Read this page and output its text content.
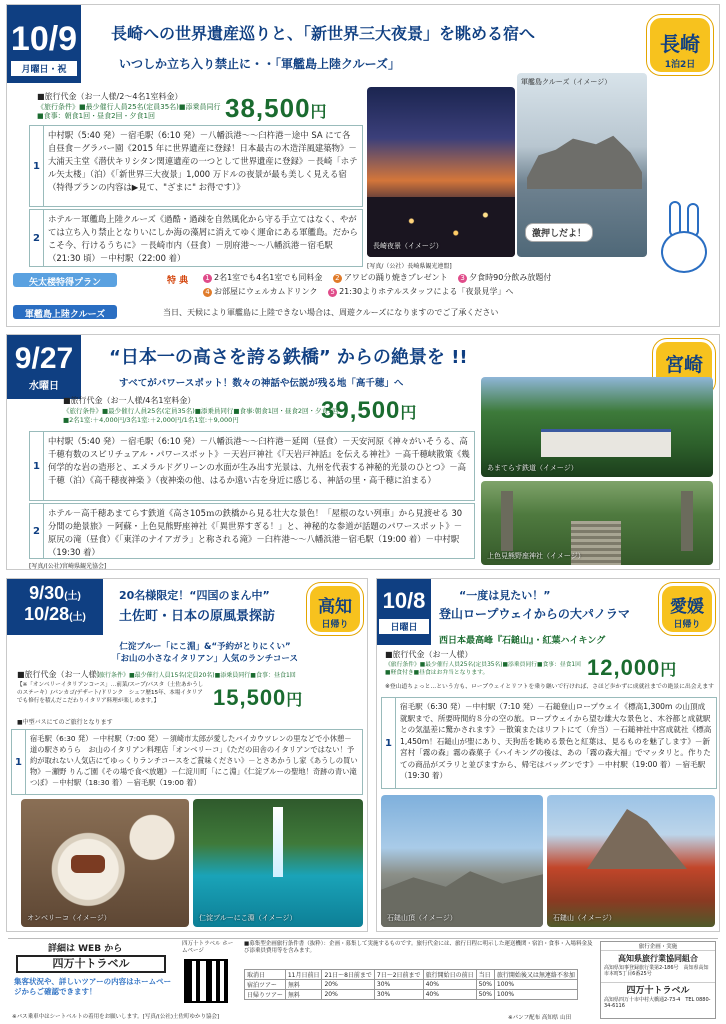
10/9
月曜日・祝
長崎への世界遺産巡りと、「新世界三大夜景」を眺める宿へ
いつしか立ち入り禁止に・・「軍艦島上陸クルーズ」
長崎
1泊2日
■旅行代金（お一人様/2～4名1室料金）
《旅行条件》■最少催行人員25名(定員35名)■添乗員同行
■食事：朝食1回・昼食2回・夕食1回	38,500円
1
中村駅（5:40 発）－宿毛駅（6:10 発）－八幡浜港～～臼杵港－途中 SA にて各自昼食－グラバー園《2015 年に世界遺産に登録！日本最古の木造洋風建築物》－大浦天主堂《潜伏キリシタン関連遺産の一つとして世界遺産に登録》－長崎「ホテル矢太楼」（泊）《「新世界三大夜景」1,000 万ドルの夜景が最も美しく見える宿（特得プランの内容は▶見て、"ざまに" お得です）》
2
ホテル－軍艦島上陸クルーズ《過酷・過疎を自然風化から守る手立てはなく、やがては立ち入り禁止となりいにしか海の藻屑に消えてゆく運命にある軍艦島。だからこそ今、行けるうちに》－長崎市内（昼食）－別府港～～八幡浜港－宿毛駅（21:30 頃）－中村駅（22:00 着）
長崎夜景（イメージ）
[写真/（公社）長崎県観光連盟]
軍艦島クルーズ（イメージ）
激押しだよ！
矢太楼特得プラン	特 典	1 2名1室でも4名1室でも同料金 2 アワビの踊り焼きプレゼント 3 夕食時90分飲み放題付
4 お部屋にウェルカムドリンク 5 21:30よりホテルスタッフによる「夜景見学」へ
軍艦島上陸クルーズ	当日、天候により軍艦島に上陸できない場合は、周遊クルーズになりますのでご了承ください
9/27
水曜日
“日本一の高さを誇る鉄橋” からの絶景を !!
すべてがパワースポット！数々の神話や伝説が残る地「高千穂」へ
宮崎
■旅行代金（お一人様/4名1室料金）
《旅行条件》■最少催行人員25名(定員35名)■添乗員同行■食事:朝食1回・昼食2回・夕食1回
■2名1室:＋4,000円/3名1室:＋2,000円/1名1室:＋9,000円	39,500円
1
中村駅（5:40 発）－宿毛駅（6:10 発）－八幡浜港～～臼杵港－延岡（昼食）－天安河原《神々がいそうる、高千穂有数のスピリチュアル・パワースポット》－天岩戸神社《『天岩戸神話』を伝える神社》－高千穂峡散策《幾何学的な岩の造形と、エメラルドグリーンの水面が生み出す光景は、九州を代表する神秘的光景のひとつ》－高千穂（泊）《高千穂夜神楽 》（夜神楽の他、はるか遠い古を身近に感じる、神話の里・高千穂に泊まる）
2
ホテル－高千穂あまてらす鉄道《高さ105ｍの鉄橋から見る壮大な景色！「屋根のない列車」から見渡せる 30 分間の絶景旅》－阿蘇・上色見熊野座神社《「異世界すぎる！」と、神秘的な参道が話題のパワースポット》－原尻の滝（昼食）《「東洋のナイアガラ」と称される滝》－臼杵港～～八幡浜港－宿毛駅（19:00 着）－中村駅（19:30 着）
[写真/(公社)宮崎県観光協会]
あまてらす鉄道（イメージ）
上色見熊野座神社（イメージ）
9/30(土)
10/28(土)
20名様限定！“四国のまん中”
土佐町・日本の原風景探訪	高知
日帰り
仁淀ブルー「にこ淵」&“予約がとりにくい”
「お山の小さなイタリアン」人気のランチコース
■旅行代金（お一人様）
《旅行条件》■最少催行人員15名(定員20名)■添乗員同行■食事：昼食1回
【※「オンベリーイタリアンコース」…前菜/スープ/パスタ（土佐あかうしのステーキ）/パンカゴ/デザート/ドリンク　シェフ歴15年、本場イタリアでも修行を積んだこだわりイタリア料理が楽しめます。】
■中型バスにてのご旅行となります
15,500円
1
宿毛駅（6:30 発）－中村駅（7:00 発）－須崎市太郎が愛したバイカウツレンの里などで小休憩－道の駅さめうら　お山のイタリアン料理店「オンベリーコ」《ただの田舎のイタリアンではない！予約が取れない人気店にてゆっくりランチコースをご賞味ください》－とさあかうし家《あうしの買い物》－瀬野 りんご園《その場で食べ放題》－仁淀川町「にこ淵」《仁淀ブルーの聖地！奇跡の青い滝つぼ》－中村駅（18:30 着）－宿毛駅（19:00 着）
オンベリーコ（イメージ）	仁淀ブルーにこ淵（イメージ）
10/8
日曜日
“一度は見たい！”
登山ロープウェイからの大パノラマ	愛媛
日帰り
西日本最高峰『石鎚山』・紅葉ハイキング
■旅行代金（お一人様）
《旅行条件》■最少催行人員25名(定員35名)■添乗員同行■食事：昼食1回
■軽食付き■昼食はお弁当となります。	12,000円
※登山道ちょっと…という方も、ロープウェイとリフトを乗り継いで行ければ、さほど歩かずに成就社までの絶景に出会えます
1
宿毛駅（6:30 発）－中村駅（7:10 発）－石鎚登山ロープウェイ《標高1,300m の山頂成就駅まで、所要時間約８分の空の旅。ロープウェイから望む雄大な景色と、木谷都と成就駅との気温差に驚かされます》－散策またはリフトにて（弁当）－石鎚神社中宮成就社《標高1,450m！石鎚山が聖にあり、天狗岳を眺める景色と紅葉は、見るものを魅了します》－新宮村「霧の森」霧の森菓子《ハイキングの後は、あの「霧の森大福」でマッタリと。作りたての商品がズラリと並びますから、帰宅はバッグンです》－中村駅（19:00 着）－宿毛駅（19:30 着）
石鎚山頂（イメージ）	石鎚山（イメージ）
詳細は WEB から
四万十トラベル
集客状況や、詳しいツアーの内容はホームページからご確認できます！
※バス乗車中はシートベルトの着用をお願いします。[写真/(公社)土佐町ゆかり協会]
四万十トラベル ホームページ
■募集型企画旅行条件書（抜粋）：企画・募集して実施するものです。旅行代金には、旅行日程に明示した運送機関・宿泊・食事・入場料金及び添乗員費用等を含みます。
取消日	11月日前日	21日～8日前まで	7日～2日前まで	旅行開始日の前日	当日	旅行開始後又は無連絡不参加
宿泊ツアー	無料	20%	30%	40%	50%	100%
日帰りツアー	無料	20%	30%	40%	50%	100%
※パンフ配布 高知県 山田
旅行企画・実施
高知県旅行業協同組合
高知県知事登録旅行業第2-186号　高知県高知市本町5丁目6番25号
四万十トラベル
高知県四万十市中村大橋通2-73-4　TEL 0880-34-6116
